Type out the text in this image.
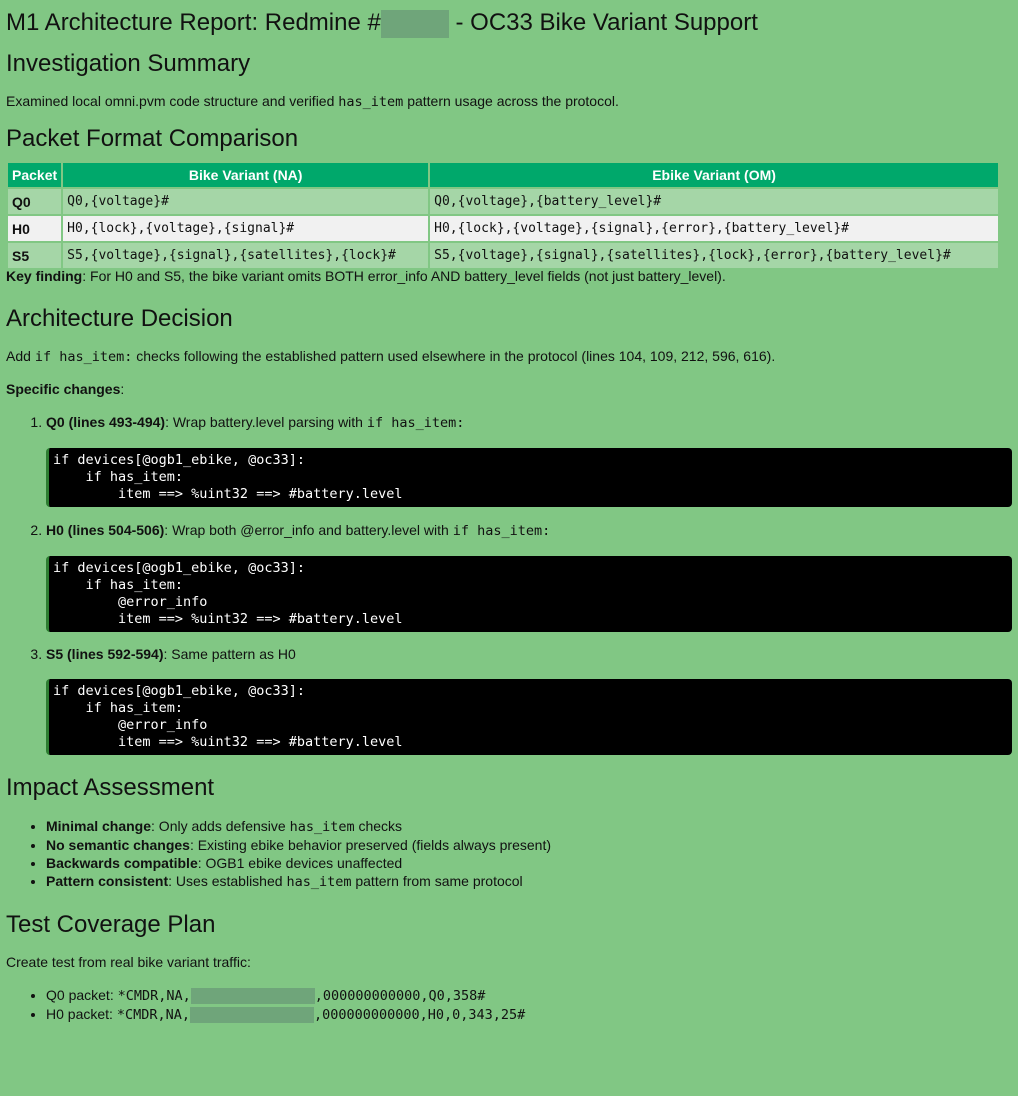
M1 Architecture Report: Redmine #	- OC33 Bike Variant Support
Investigation Summary

Examined local omni.pvm code structure and verified has_item pattern usage across the protocol.

Packet Format Comparison
Packet	Bike Variant (NA)	Ebike Variant (OM)
Q0	Q0,{voltage}#	Q0,{voltage},{battery_level}#
H0	H0,{lock},{voltage},{signal}#	H0,{lock},{voltage},{signal},{error},{battery_level}#
S5	S5,{voltage},{signal},{satellites},{lock}#	S5,{voltage},{signal},{satellites},{lock},{error},{battery_level}#

Key finding: For H0 and S5, the bike variant omits BOTH error_info AND battery_level fields (not just battery_level).

Architecture Decision

Add if has_item: checks following the established pattern used elsewhere in the protocol (lines 104, 109, 212, 596, 616).

Specific changes:

1. Q0 (lines 493-494): Wrap battery.level parsing with if has_item:
if devices[@ogb1_ebike, @oc33]:
if has_item:
item ==> %uint32 ==> #battery.level
2. H0 (lines 504-506): Wrap both @error_info and battery.level with if has_item:
if devices[@ogb1_ebike, @oc33]:
if has_item:
@error_info
item ==> %uint32 ==> #battery.level
3. S5 (lines 592-594): Same pattern as H0
if devices[@ogb1_ebike, @oc33]:
if has_item:
@error_info
item ==> %uint32 ==> #battery.level
Impact Assessment
• Minimal change: Only adds defensive has_item checks
• No semantic changes: Existing ebike behavior preserved (fields always present)
• Backwards compatible: OGB1 ebike devices unaffected
• Pattern consistent: Uses established has_item pattern from same protocol
Test Coverage Plan

Create test from real bike variant traffic:

• Q0 packet: *CMDR,NA,	,000000000000,Q0,358#
• H0 packet: *CMDR,NA,	,000000000000,H0,0,343,25#
